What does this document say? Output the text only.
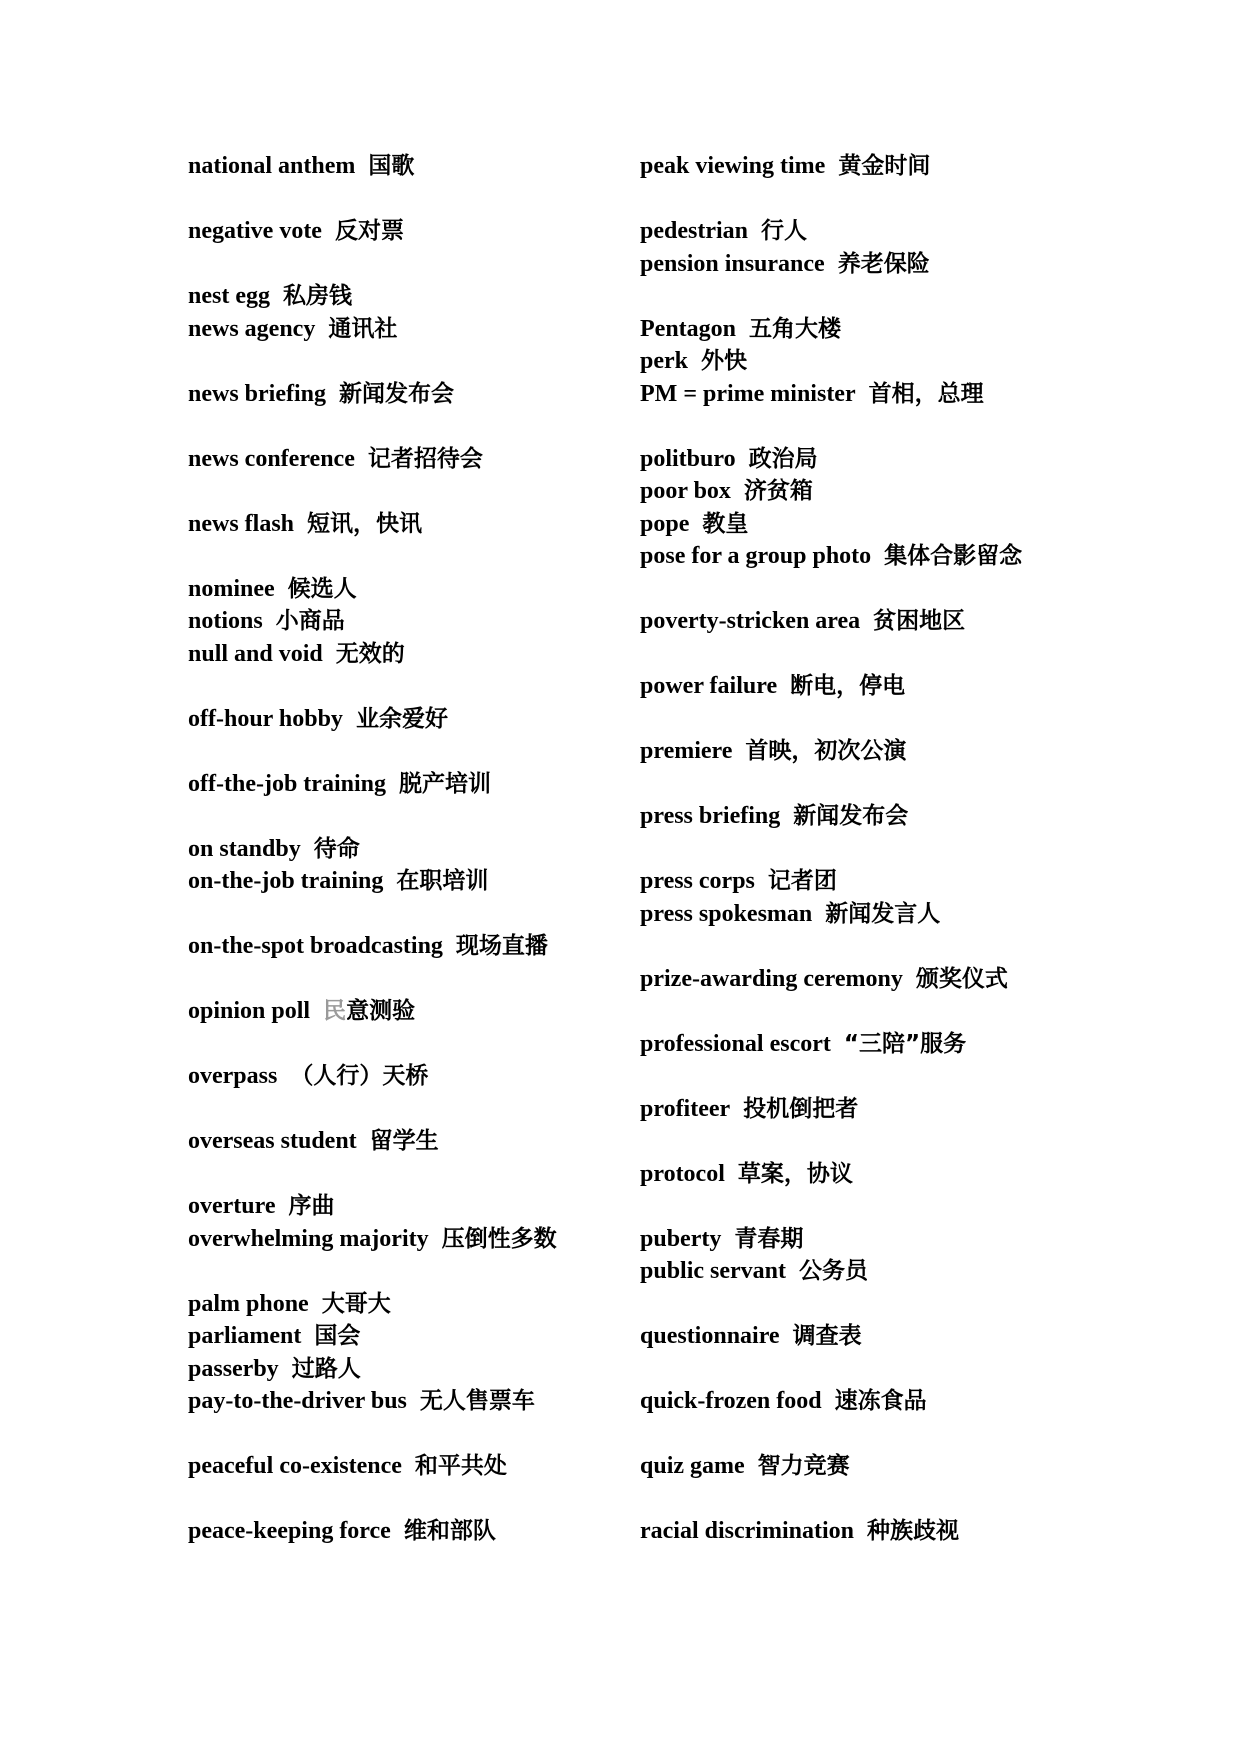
national anthem 国歌
negative vote 反对票
nest egg 私房钱
news agency 通讯社
news briefing 新闻发布会
news conference 记者招待会
news flash 短讯，快讯
nominee 候选人
notions 小商品
null and void 无效的
off-hour hobby 业余爱好
off-the-job training 脱产培训
on standby 待命
on-the-job training 在职培训
on-the-spot broadcasting 现场直播
opinion poll 民意测验
overpass （人行）天桥
overseas student 留学生
overture 序曲
overwhelming majority 压倒性多数
palm phone 大哥大
parliament 国会
passerby 过路人
pay-to-the-driver bus 无人售票车
peaceful co-existence 和平共处
peace-keeping force 维和部队
peak viewing time 黄金时间
pedestrian 行人
pension insurance 养老保险
Pentagon 五角大楼
perk 外快
PM = prime minister 首相，总理
politburo 政治局
poor box 济贫箱
pope 教皇
pose for a group photo 集体合影留念
poverty-stricken area 贫困地区
power failure 断电，停电
premiere 首映，初次公演
press briefing 新闻发布会
press corps 记者团
press spokesman 新闻发言人
prize-awarding ceremony 颁奖仪式
professional escort “三陪”服务
profiteer 投机倒把者
protocol 草案，协议
puberty 青春期
public servant 公务员
questionnaire 调查表
quick-frozen food 速冻食品
quiz game 智力竞赛
racial discrimination 种族歧视
